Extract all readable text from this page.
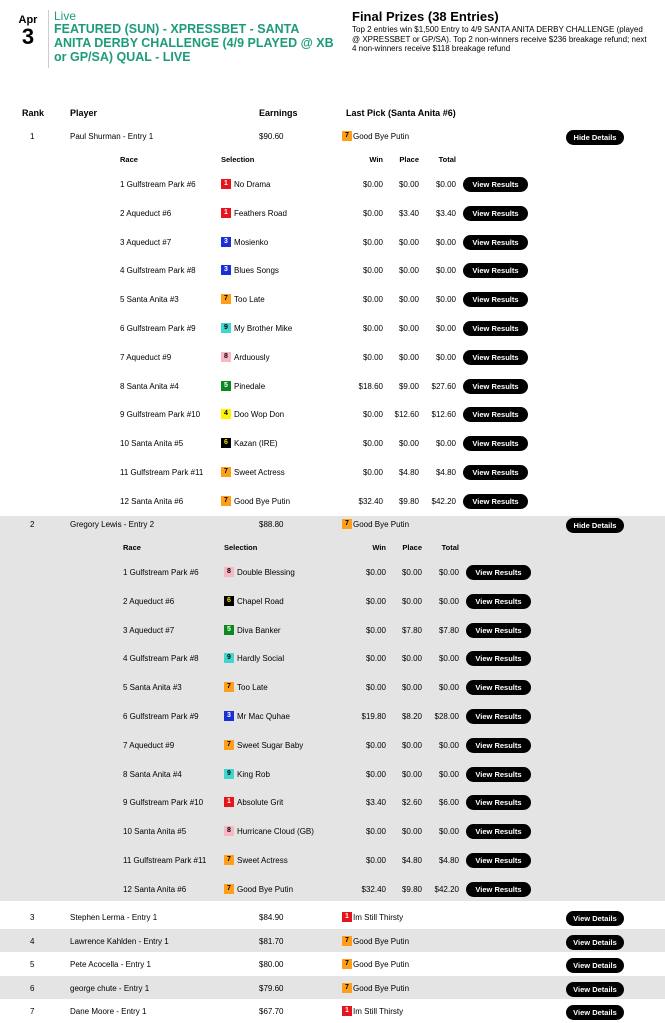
Apr
3
Live
FEATURED (SUN) - XPRESSBET - SANTA ANITA DERBY CHALLENGE (4/9 PLAYED @ XB or GP/SA) QUAL - LIVE
Final Prizes (38 Entries)
Top 2 entries win $1,500 Entry to 4/9 SANTA ANITA DERBY CHALLENGE (played @ XPRESSBET or GP/SA). Top 2 non-winners receive $236 breakage refund; next 4 non-winners receive $118 breakage refund
Rank	Player	Earnings	Last Pick (Santa Anita #6)
1	Paul Shurman - Entry 1	$90.60	7 Good Bye Putin	Hide Details
Race	Selection	Win	Place	Total
1 Gulfstream Park #6	1 No Drama	$0.00	$0.00	$0.00	View Results
2 Aqueduct #6	1 Feathers Road	$0.00	$3.40	$3.40	View Results
3 Aqueduct #7	3 Mosienko	$0.00	$0.00	$0.00	View Results
4 Gulfstream Park #8	3 Blues Songs	$0.00	$0.00	$0.00	View Results
5 Santa Anita #3	7 Too Late	$0.00	$0.00	$0.00	View Results
6 Gulfstream Park #9	9 My Brother Mike	$0.00	$0.00	$0.00	View Results
7 Aqueduct #9	8 Arduously	$0.00	$0.00	$0.00	View Results
8 Santa Anita #4	5 Pinedale	$18.60	$9.00	$27.60	View Results
9 Gulfstream Park #10	4 Doo Wop Don	$0.00	$12.60	$12.60	View Results
10 Santa Anita #5	6 Kazan (IRE)	$0.00	$0.00	$0.00	View Results
11 Gulfstream Park #11	7 Sweet Actress	$0.00	$4.80	$4.80	View Results
12 Santa Anita #6	7 Good Bye Putin	$32.40	$9.80	$42.20	View Results
2	Gregory Lewis - Entry 2	$88.80	7 Good Bye Putin	Hide Details
Race	Selection	Win	Place	Total
1 Gulfstream Park #6	8 Double Blessing	$0.00	$0.00	$0.00	View Results
2 Aqueduct #6	6 Chapel Road	$0.00	$0.00	$0.00	View Results
3 Aqueduct #7	5 Diva Banker	$0.00	$7.80	$7.80	View Results
4 Gulfstream Park #8	9 Hardly Social	$0.00	$0.00	$0.00	View Results
5 Santa Anita #3	7 Too Late	$0.00	$0.00	$0.00	View Results
6 Gulfstream Park #9	3 Mr Mac Quhae	$19.80	$8.20	$28.00	View Results
7 Aqueduct #9	7 Sweet Sugar Baby	$0.00	$0.00	$0.00	View Results
8 Santa Anita #4	9 King Rob	$0.00	$0.00	$0.00	View Results
9 Gulfstream Park #10	1 Absolute Grit	$3.40	$2.60	$6.00	View Results
10 Santa Anita #5	8 Hurricane Cloud (GB)	$0.00	$0.00	$0.00	View Results
11 Gulfstream Park #11	7 Sweet Actress	$0.00	$4.80	$4.80	View Results
12 Santa Anita #6	7 Good Bye Putin	$32.40	$9.80	$42.20	View Results
3	Stephen Lerma - Entry 1	$84.90	1 Im Still Thirsty	View Details
4	Lawrence Kahlden - Entry 1	$81.70	7 Good Bye Putin	View Details
5	Pete Acocella - Entry 1	$80.00	7 Good Bye Putin	View Details
6	george chute - Entry 1	$79.60	7 Good Bye Putin	View Details
7	Dane Moore - Entry 1	$67.70	1 Im Still Thirsty	View Details
